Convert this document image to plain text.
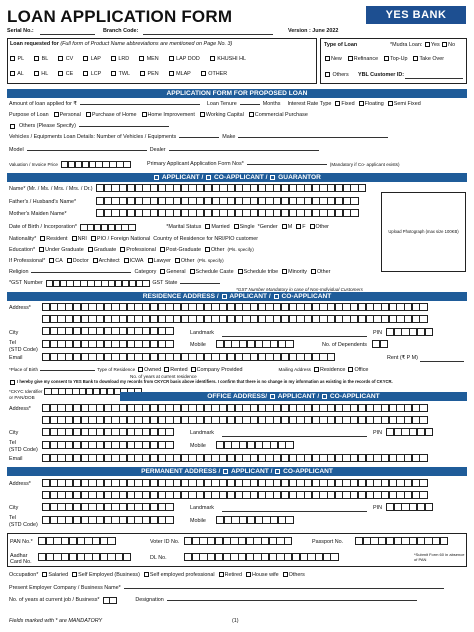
LOAN APPLICATION FORM	YES BANK
Serial No.:	Branch Code:	Version : June 2022
Loan requested for (Full form of Product Name abbreviations are mentioned on Page No. 3)
PL	BL	CV	LAP	LRD	MEN	LAP DOD	KHUSHI HL
AL	HL	CE	LCP	TWL	PEN	MLAP	OTHER
Type of Loan	*Mudra Loan: Yes No
New	Refinance	Top-Up	Take Over
Others YBL Customer ID:
APPLICATION FORM FOR PROPOSED LOAN
Amount of loan applied for ₹	Loan Tenure	Months Interest Rate Type	Fixed	Floating	Semi Fixed
Purpose of Loan	Personal	Purchase of Home	Home Improvement	Working Capital	Commercial Purchase
Others (Please Specify)
Vehicles / Equipments Loan Details: Number of Vehicles / Equipments	Make
Model	Dealer
Valuation / Invoice Price	Primary Applicant Application Form Nos*	(Mandatory if Co- applicant exists)

APPLICANT /

CO-APPLICANT /

GUARANTOR
Name* (Mr. / Ms. / Mrs. / Mrs. / Dr.)
Father's / Husband's Name*
Mother's Maiden Name*
Date of Birth / Incorporation*	*Marital Status	Married	Single *Gender	M	F	Other
Nationality*	Resident	NRI	PIO / Foreign National Country of Residence for NRI/PIO customer
Education*	Under Graduate	Graduate	Professional	Post-Graduate	Other (Pls. specify)
If Professional*	CA	Doctor	Architect	ICWA	Lawyer	Other (Pls. specify)
Religion	Category	General	Schedule Caste	Schedule tribe	Minority	Other
*GST Number	GST State
*GST Number Mandatory in case of Non-Individual Customers
Upload Photograph (max size 100KB)
RESIDENCE ADDRESS /

APPLICANT /

CO-APPLICANT
Address*
City	Landmark	PIN
Tel
(STD Code)
Mobile	No. of Dependents
Email	Rent (₹ P M)
*Place of Birth	Type of Residence	Owned	Rented	Company Provided	Mailing Address	Residence	Office
No. of years at current residence
I hereby give my consent to YES Bank to download my records from CKYCR basis above identifiers. I confirm that there is no change in my information as existing in the records of CKYCR.
*CKYC Identifier
or PAN/DOB	OFFICE ADDRESS/

APPLICANT /

CO-APPLICANT
Address*
City	Landmark	PIN
Tel
(STD Code)
Mobile
Email
PERMANENT ADDRESS /

APPLICANT /

CO-APPLICANT
Address*
City	Landmark	PIN
Tel
(STD Code)
Mobile
PAN No.*	Voter ID No.	Passport No.
Aadhar Card No.
DL No.
*Submit Form 60 in absence of PAN
Occupation*	Salaried	Self Employed (Business)	Self employed professional	Retired	House wife	Others
Present Employer Company / Business Name*
No. of years at current job / Business*	Designation
Fields marked with * are MANDATORY	(1)
